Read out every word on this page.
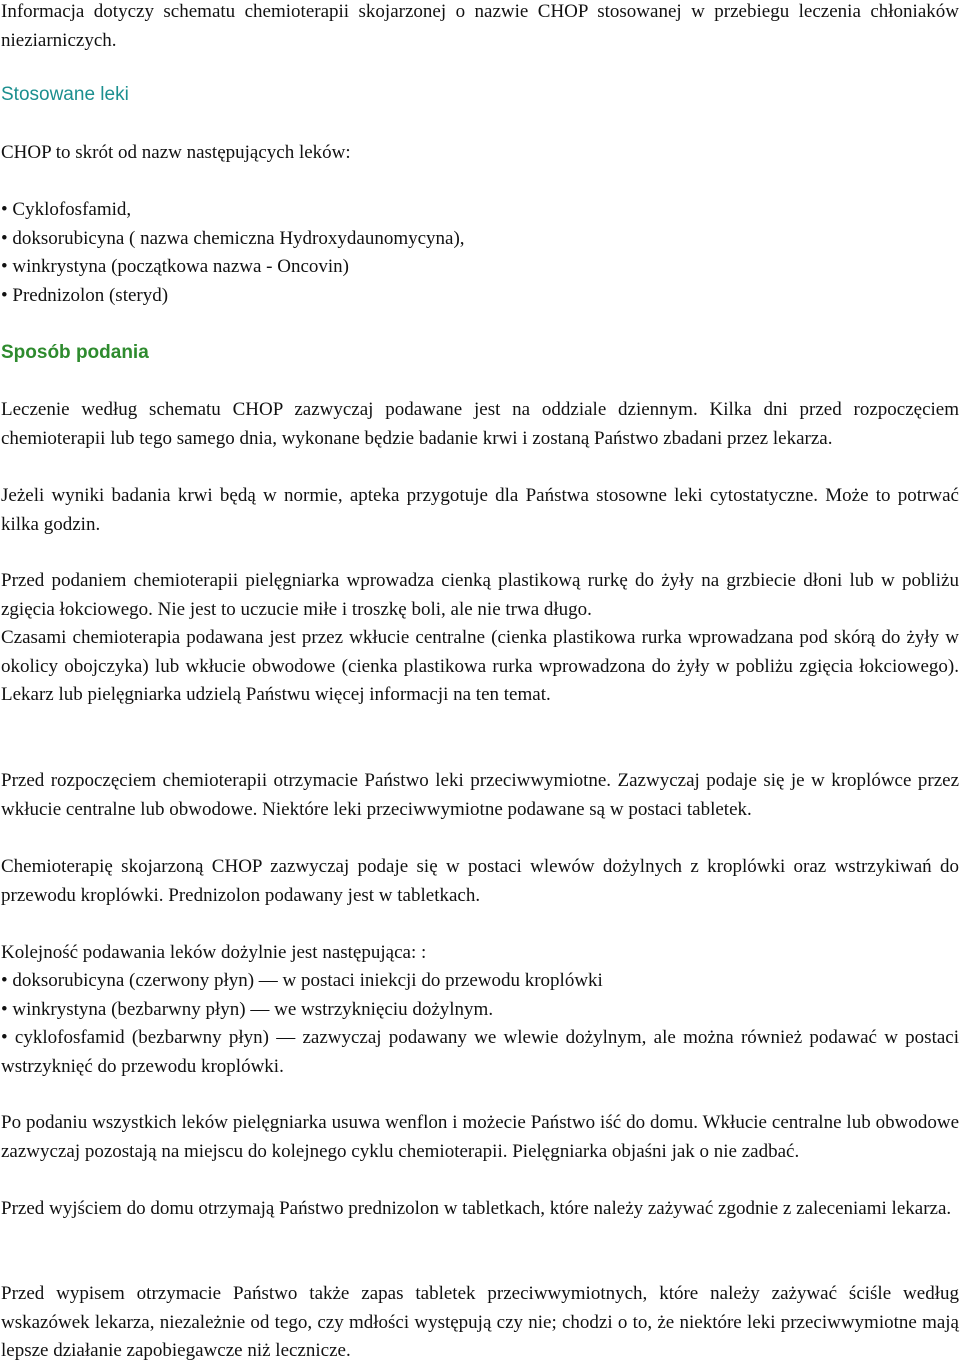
Informacja dotyczy schematu chemioterapii skojarzonej o nazwie CHOP stosowanej w przebiegu leczenia chłoniaków nieziarniczych.

Stosowane leki

CHOP to skrót od nazw następujących leków:

• Cyklofosfamid,

• doksorubicyna ( nazwa chemiczna Hydroxydaunomycyna),

• winkrystyna (początkowa nazwa - Oncovin)

• Prednizolon (steryd)

Sposób podania

Leczenie według schematu CHOP zazwyczaj podawane jest na oddziale dziennym. Kilka dni przed rozpoczęciem chemioterapii lub tego samego dnia, wykonane będzie badanie krwi i zostaną Państwo zbadani przez lekarza.

Jeżeli wyniki badania krwi będą w normie, apteka przygotuje dla Państwa stosowne leki cytostatyczne. Może to potrwać kilka godzin.

Przed podaniem chemioterapii pielęgniarka wprowadza cienką plastikową rurkę do żyły na grzbiecie dłoni lub w pobliżu zgięcia łokciowego. Nie jest to uczucie miłe i troszkę boli, ale nie trwa długo.

Czasami chemioterapia podawana jest przez wkłucie centralne (cienka plastikowa rurka wprowadzana pod skórą do żyły w okolicy obojczyka) lub wkłucie obwodowe (cienka plastikowa rurka wprowadzona do żyły w pobliżu zgięcia łokciowego). Lekarz lub pielęgniarka udzielą Państwu więcej informacji na ten temat.

Przed rozpoczęciem chemioterapii otrzymacie Państwo leki przeciwwymiotne. Zazwyczaj podaje się je w kroplówce przez wkłucie centralne lub obwodowe. Niektóre leki przeciwwymiotne podawane są w postaci tabletek.

Chemioterapię skojarzoną CHOP zazwyczaj podaje się w postaci wlewów dożylnych z kroplówki oraz wstrzykiwań do przewodu kroplówki. Prednizolon podawany jest w tabletkach.

Kolejność podawania leków dożylnie jest następująca: :

• doksorubicyna (czerwony płyn) — w postaci iniekcji do przewodu kroplówki

• winkrystyna (bezbarwny płyn) — we wstrzyknięciu dożylnym.

• cyklofosfamid (bezbarwny płyn) — zazwyczaj podawany we wlewie dożylnym, ale można również podawać w postaci wstrzyknięć do przewodu kroplówki.

Po podaniu wszystkich leków pielęgniarka usuwa wenflon i możecie Państwo iść do domu. Wkłucie centralne lub obwodowe zazwyczaj pozostają na miejscu do kolejnego cyklu chemioterapii. Pielęgniarka objaśni jak o nie zadbać.

Przed wyjściem do domu otrzymają Państwo prednizolon w tabletkach, które należy zażywać zgodnie z zaleceniami lekarza.

Przed wypisem otrzymacie Państwo także zapas tabletek przeciwwymiotnych, które należy zażywać ściśle według wskazówek lekarza, niezależnie od tego, czy mdłości występują czy nie; chodzi o to, że niektóre leki przeciwwymiotne mają lepsze działanie zapobiegawcze niż lecznicze.
